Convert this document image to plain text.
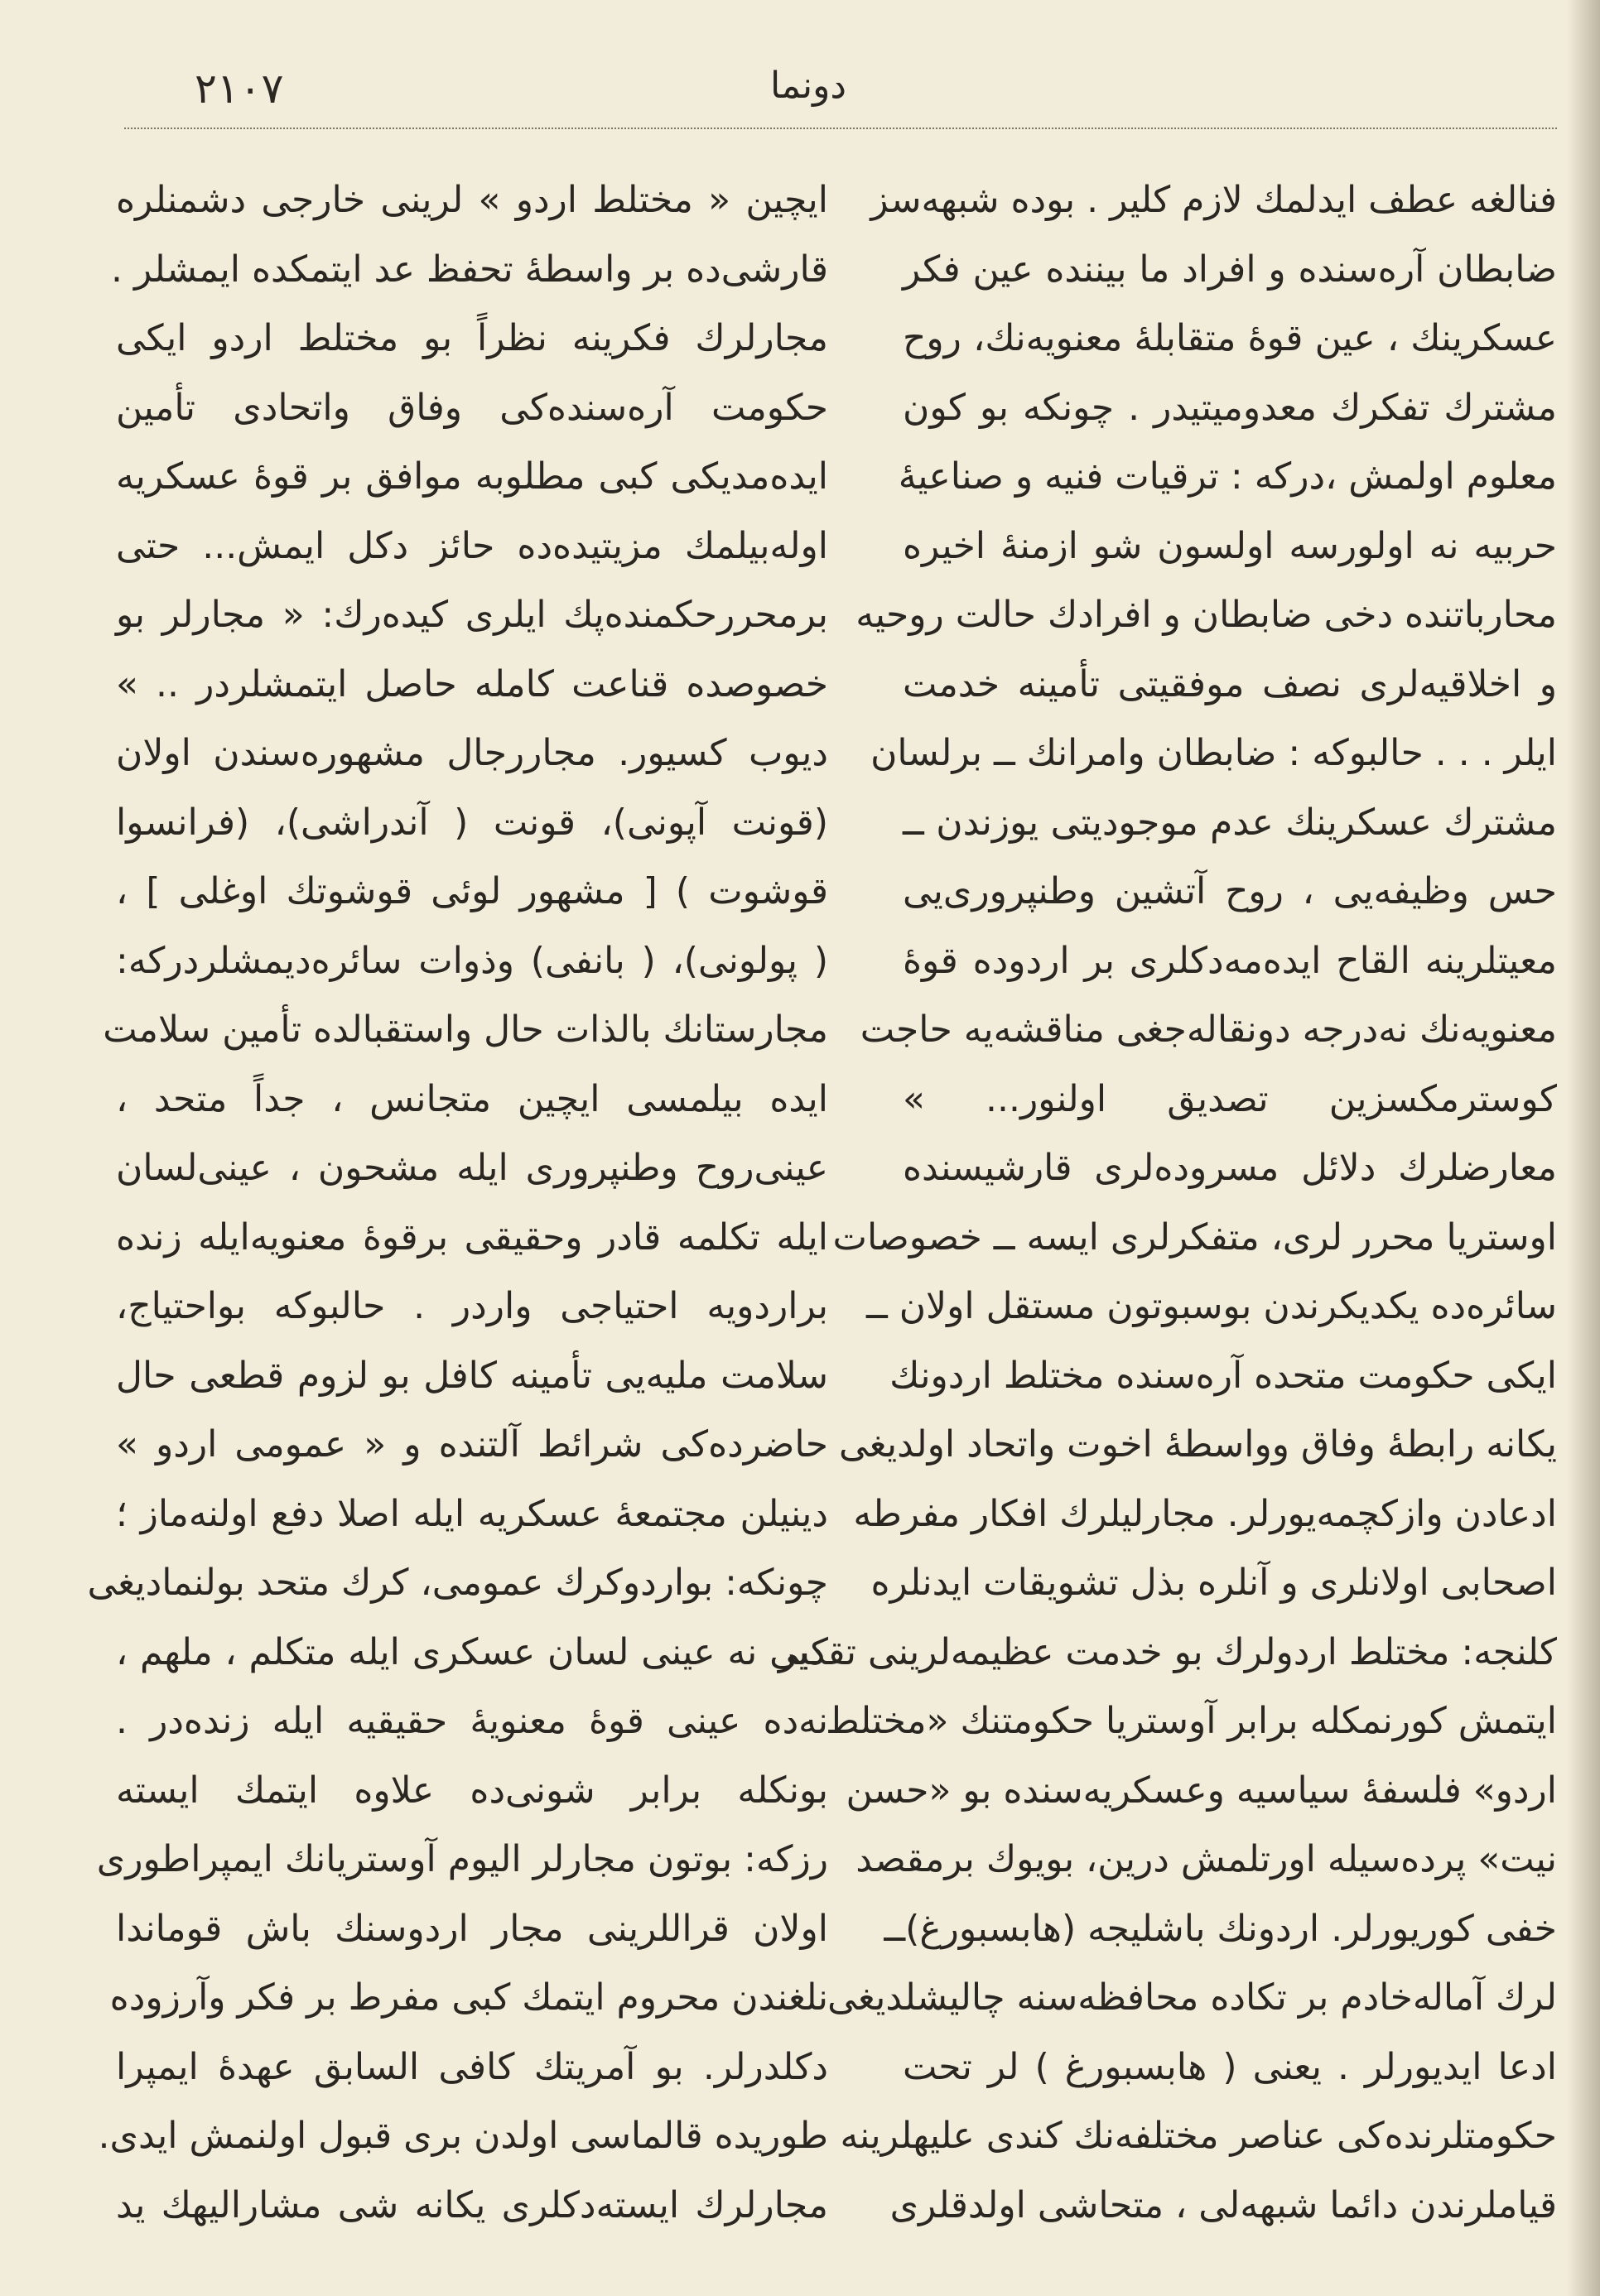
٢١٠٧	دونما
فنالغه عطف ایدلمك لازم كلیر . بوده شبهه‌سز
ضابطان آره‌سنده و افراد ما بیننده عین فكر
عسكرینك ، عین قوهٔ متقابلهٔ معنویه‌نك، روح
مشترك تفكرك معدومیتیدر . چونكه بو كون
معلوم اولمش ،دركه : ترقیات فنیه و صناعیهٔ
حربیه نه اولورسه اولسون شو ازمنهٔ اخیره
محارباتنده دخی ضابطان و افرادك حالت روحیه
و اخلاقیه‌لری نصف موفقیتی تأمینه خدمت
ایلر . . . حالبوكه : ضابطان وامرانك ــ برلسان
مشترك عسكرینك عدم موجودیتی یوزندن ــ
حس وظیفه‌یی ، روح آتشین وطنپروری‌یی
معیتلرینه القاح ایده‌مه‌دكلری بر اردوده قوهٔ
معنویه‌نك نه‌درجه دونقاله‌جغی مناقشه‌یه حاجت
كوسترمكسزین تصدیق اولنور... »
معارضلرك دلائل مسروده‌لری قارشیسنده
اوستریا محرر لری، متفكرلری ایسه ــ خصوصات
سائره‌ده یكدیكرندن بوسبوتون مستقل اولان ــ
ایكی حكومت متحده آره‌سنده مختلط اردونك
یكانه رابطهٔ وفاق وواسطهٔ اخوت واتحاد اولدیغی
ادعادن وازكچمه‌یورلر. مجارلیلرك افكار مفرطه
اصحابی اولانلری و آنلره بذل تشویقات ایدنلره
كلنجه: مختلط اردولرك بو خدمت عظیمه‌لرینی تقدیر
ایتمش كورنمكله برابر آوستریا حكومتنك «مختلط
اردو» فلسفهٔ سیاسیه وعسكریه‌سنده بو «حسن
نیت» پرده‌سیله اورتلمش درین، بویوك برمقصد
خفی كوریورلر. اردونك باشلیجه (هابسبورغ)ــ
لرك آماله‌خادم بر تكاده محافظه‌سنه چالیشلدیغی
ادعا ایدیورلر . یعنی ( هابسبورغ ) لر تحت
حكومتلرنده‌كی عناصر مختلفه‌نك كندی علیهلرینه
قیاملرندن دائما شبهه‌لی ، متحاشی اولدقلری
ایچین « مختلط اردو » لرینی خارجی دشمنلره
قارشی‌ده بر واسطهٔ تحفظ عد ایتمکده ایمشلر .
مجارلرك فكرینه نظراً بو مختلط اردو ایكی
حكومت آره‌سنده‌كی وفاق واتحادی تأمین
ایده‌مدیكی كبی مطلوبه موافق بر قوهٔ عسكریه
اوله‌بیلمك مزیتیده‌ده حائز دكل ایمش... حتی
برمحررحكمنده‌پك ایلری كیده‌رك: « مجارلر بو
خصوصده قناعت كامله حاصل ایتمشلردر .. »
دیوب كسیور. مجاررجال مشهوره‌سندن اولان
(قونت آپونی)، قونت ( آندراشی)، (فرانسوا
قوشوت ) [ مشهور لوئی قوشوتك اوغلی ] ،
( پولونی)، ( بانفی) وذوات سائره‌دیمشلردركه:
مجارستانك بالذات حال واستقبالده تأمین سلامت
ایده بیلمسی ایچین متجانس ، جداً متحد ،
عینی‌روح وطنپروری ایله مشحون ، عینی‌لسان
ایله تكلمه قادر وحقیقی برقوهٔ معنویه‌ایله زنده
براردویه احتیاجی واردر . حالبوكه بواحتیاج،
سلامت ملیه‌یی تأمینه كافل بو لزوم قطعی حال
حاضرده‌كی شرائط آلتنده و « عمومی اردو »
دینیلن مجتمعهٔ عسكریه ایله اصلا دفع اولنه‌ماز ؛
چونكه: بواردوكرك عمومی، كرك متحد بولنمادیغی
كبی نه عینی لسان عسكری ایله متكلم ، ملهم ،
نه‌ده عینی قوهٔ معنویهٔ حقیقیه ایله زنده‌در .
بونكله برابر شونی‌ده علاوه ایتمك ایسته‌
رزكه: بوتون مجارلر الیوم آوستریانك ایمپراطوری
اولان قراللرینی مجار اردوسنك باش قوماندا
نلغندن محروم ایتمك كبی مفرط بر فكر وآرزوده
دكلدرلر. بو آمریتك كافی السابق عهدهٔ ایمپرا
طوریده قالماسی اولدن بری قبول اولنمش ایدی.
مجارلرك ایسته‌دكلری یكانه شی مشارالیهك ید
